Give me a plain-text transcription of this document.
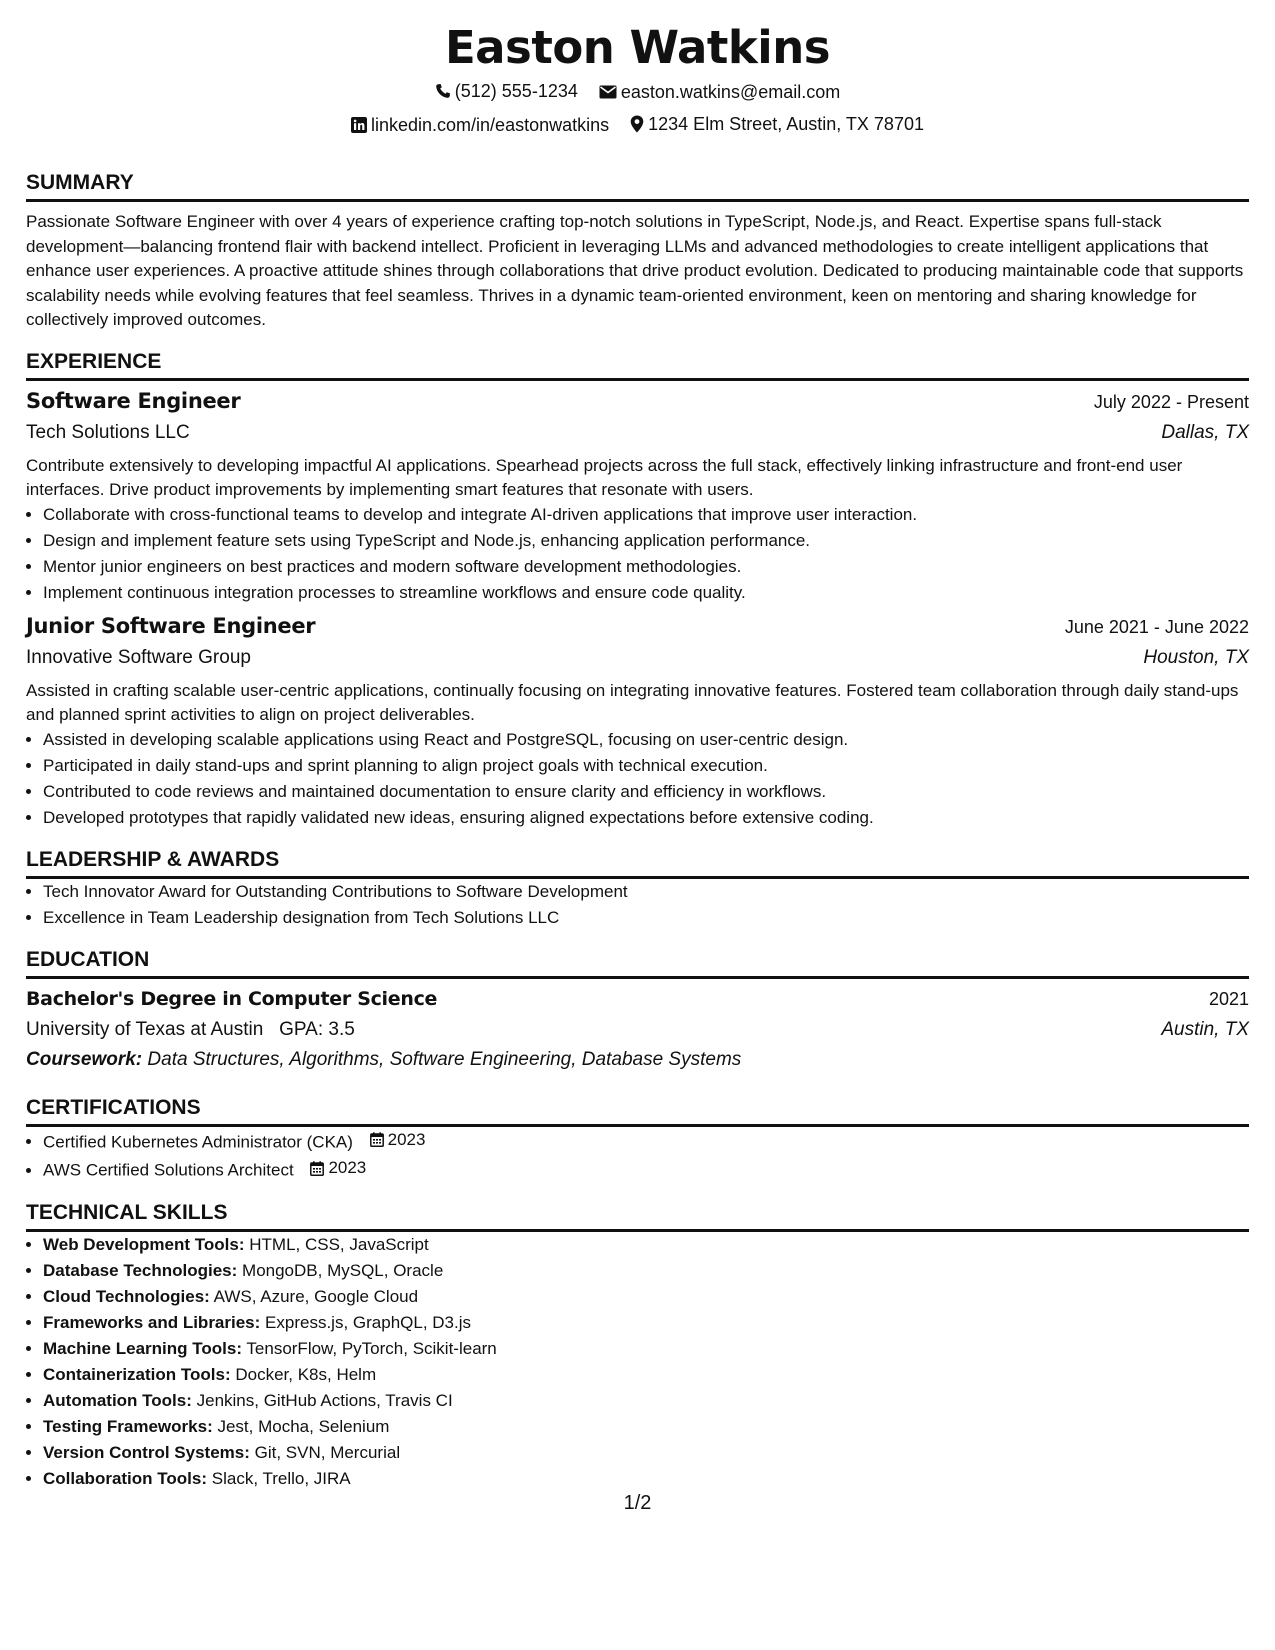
Easton Watkins
(512) 555-1234
easton.watkins@email.com
linkedin.com/in/eastonwatkins
1234 Elm Street, Austin, TX 78701
SUMMARY

Passionate Software Engineer with over 4 years of experience crafting top-notch solutions in TypeScript, Node.js, and React. Expertise spans full-stack development—balancing frontend flair with backend intellect. Proficient in leveraging LLMs and advanced methodologies to create intelligent applications that enhance user experiences. A proactive attitude shines through collaborations that drive product evolution. Dedicated to producing maintainable code that supports scalability needs while evolving features that feel seamless. Thrives in a dynamic team-oriented environment, keen on mentoring and sharing knowledge for collectively improved outcomes.

EXPERIENCE
Software Engineer	July 2022 - Present
Tech Solutions LLC	Dallas, TX

Contribute extensively to developing impactful AI applications. Spearhead projects across the full stack, effectively linking infrastructure and front-end user interfaces. Drive product improvements by implementing smart features that resonate with users.

• Collaborate with cross-functional teams to develop and integrate AI-driven applications that improve user interaction.
• Design and implement feature sets using TypeScript and Node.js, enhancing application performance.
• Mentor junior engineers on best practices and modern software development methodologies.
• Implement continuous integration processes to streamline workflows and ensure code quality.
Junior Software Engineer	June 2021 - June 2022
Innovative Software Group	Houston, TX

Assisted in crafting scalable user-centric applications, continually focusing on integrating innovative features. Fostered team collaboration through daily stand-ups and planned sprint activities to align on project deliverables.

• Assisted in developing scalable applications using React and PostgreSQL, focusing on user-centric design.
• Participated in daily stand-ups and sprint planning to align project goals with technical execution.
• Contributed to code reviews and maintained documentation to ensure clarity and efficiency in workflows.
• Developed prototypes that rapidly validated new ideas, ensuring aligned expectations before extensive coding.
LEADERSHIP & AWARDS
• Tech Innovator Award for Outstanding Contributions to Software Development
• Excellence in Team Leadership designation from Tech Solutions LLC
EDUCATION
Bachelor's Degree in Computer Science	2021
University of Texas at Austin GPA: 3.5	Austin, TX
Coursework: Data Structures, Algorithms, Software Engineering, Database Systems
CERTIFICATIONS
• Certified Kubernetes Administrator (CKA) 2023
• AWS Certified Solutions Architect 2023
TECHNICAL SKILLS
• Web Development Tools: HTML, CSS, JavaScript
• Database Technologies: MongoDB, MySQL, Oracle
• Cloud Technologies: AWS, Azure, Google Cloud
• Frameworks and Libraries: Express.js, GraphQL, D3.js
• Machine Learning Tools: TensorFlow, PyTorch, Scikit-learn
• Containerization Tools: Docker, K8s, Helm
• Automation Tools: Jenkins, GitHub Actions, Travis CI
• Testing Frameworks: Jest, Mocha, Selenium
• Version Control Systems: Git, SVN, Mercurial
• Collaboration Tools: Slack, Trello, JIRA
1/2
